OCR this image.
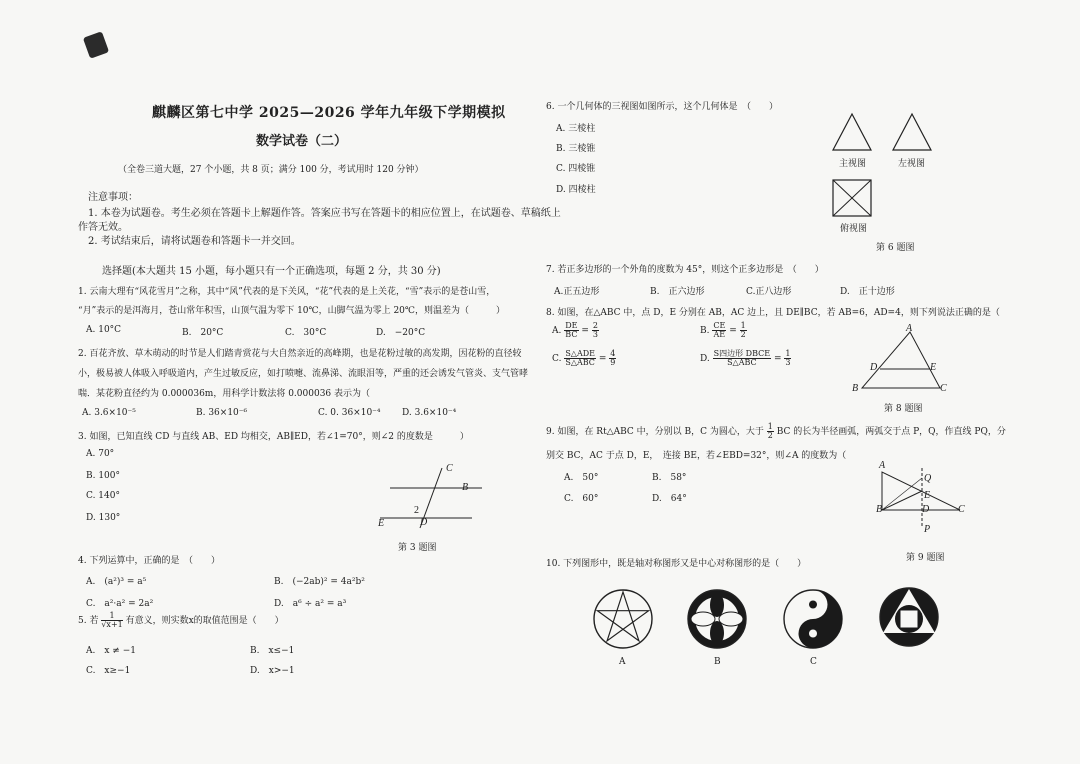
麒麟区第七中学 2025—2026 学年九年级下学期模拟
数学试卷（二）
（全卷三道大题，27 个小题，共 8 页；满分 100 分，考试用时 120 分钟）
注意事项：
1. 本卷为试题卷。考生必须在答题卡上解题作答。答案应书写在答题卡的相应位置上，在试题卷、草稿纸上
作答无效。
2. 考试结束后，请将试题卷和答题卡一并交回。
选择题(本大题共 15 小题，每小题只有一个正确选项，每题 2 分，共 30 分)
1. 云南大理有“风花雪月”之称，其中“风”代表的是下关风，“花”代表的是上关花，“雪”表示的是苍山雪，
“月”表示的是洱海月，苍山常年积雪，山顶气温为零下 10℃，山脚气温为零上 20℃，则温差为（　　　）
A. 10°C	B.　20°C	C.　30°C	D.　−20°C
2. 百花齐放、草木萌动的时节是人们踏青赏花与大自然亲近的高峰期，也是花粉过敏的高发期，因花粉的直径较
小，极易被人体吸入呼吸道内，产生过敏反应，如打喷嚏、流鼻涕、流眼泪等，严重的还会诱发气管炎、支气管哮
喘．某花粉直径约为 0.000036m，用科学计数法将 0.000036 表示为（
A. 3.6×10⁻⁵	B. 36×10⁻⁶	C. 0. 36×10⁻⁴ D. 3.6×10⁻⁴
3. 如图，已知直线 CD 与直线 AB、ED 均相交，AB∥ED，若∠1=70°，则∠2 的度数是　　　）
A. 70°
B. 100°
C. 140°
D. 130°
C
B
E	D
2
第 3 题图
4. 下列运算中，正确的是　（　　）
A.　(a²)³ = a⁵	B.　(−2ab)² = 4a²b²
C.　a²·a² = 2a²	D.　a⁶ ÷ a² = a³
5. 若 $\frac{1}{√x+1}$ 有意义，则实数x的取值范围是（　　）
A.　x ≠ −1	B.　x≤−1
C.　x≥−1	D.　x>−1
6. 一个几何体的三视图如图所示，这个几何体是　（　　）
A. 三棱柱
B. 三棱锥
C. 四棱锥
D. 四棱柱
主视图	左视图
俯视图
第 6 题图
7. 若正多边形的一个外角的度数为 45°，则这个正多边形是　（　　）
A.正五边形	B.　正六边形	C.正八边形	D.　正十边形
8. 如图，在△ABC 中，点 D，E 分别在 AB，AC 边上，且 DE∥BC，若 AB=6，AD=4，则下列说法正确的是（
A. $\frac{DE}{BC} = \frac{2}{3}$	B. $\frac{CE}{AE} = \frac{1}{2}$
C.
S△ADE
S△ABC = $\frac{4}{9}$	D.
S四边形 DBCE
S△ABC	= $\frac{1}{3}$
A
D	E
B	C
第 8 题图
9. 如图，在 Rt△ABC 中，分别以 B，C 为圆心，大于 $\frac{1}{2}$ BC 的长为半径画弧，两弧交于点 P，Q，作直线 PQ，分
别交 BC，AC 于点 D，E，　连接 BE，若∠EBD=32°，则∠A 的度数为（
A.　50°	B.　58°
C.　60°	D.　64°
A
Q
E
B	D	C
P
第 9 题图
10. 下列图形中，既是轴对称图形又是中心对称图形的是（　　）
A	B	C
